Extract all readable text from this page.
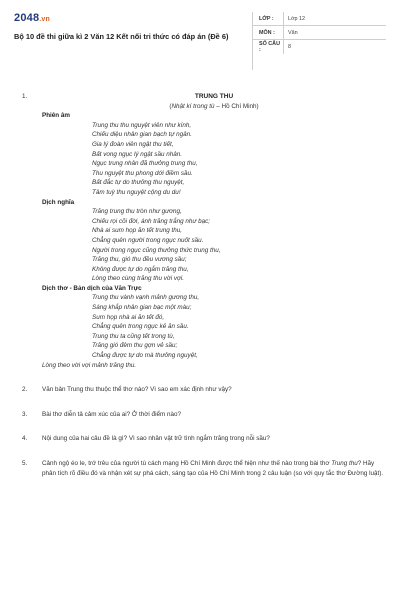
2048.vn
Bộ 10 đề thi giữa kì 2 Văn 12 Kết nối tri thức có đáp án (Đề 6)
LỚP :	Lớp 12
MÔN :	Văn
SỐ CÂU :	8
1.	TRUNG THU
(Nhật kí trong tù – Hồ Chí Minh)
Phiên âm
Trung thu thu nguyệt viên như kính,
Chiếu diệu nhân gian bạch tự ngân.
Gia lý đoàn viên ngật thu tiết,
Bất vong ngục lý ngật sầu nhân.
Ngục trung nhân đã thưởng trung thu,
Thu nguyệt thu phong dới điềm sầu.
Bất đắc tự do thưởng thu nguyệt,
Tâm tuỳ thu nguyệt cộng du du!
Dịch nghĩa
Trăng trung thu tròn như gương,
Chiếu rọi cõi đời, ánh trăng trắng như bạc;
Nhà ai sum họp ăn tết trung thu,
Chẳng quên người trong ngục nuốt sầu.
Người trong ngục cũng thưởng thức trung thu,
Trăng thu, gió thu đều vương sầu;
Không được tự do ngắm trăng thu,
Lòng theo cùng trăng thu vời vợi.
Dịch thơ - Bản dịch của Văn Trực
Trung thu vành vạnh mảnh gương thu,
Sáng khắp nhân gian bạc một màu;
Sum họp nhà ai ăn tết đó,
Chẳng quên trong ngục kẻ ăn sầu.
Trung thu ta cũng tết trong tù,
Trăng gió đêm thu gợn vẻ sầu;
Chẳng được tự do mà thưởng nguyệt,
Lòng theo vời vợi mảnh trăng thu.
2.	Văn bản Trung thu thuộc thể thơ nào? Vì sao em xác định như vậy?
3.	Bài thơ diễn tả cảm xúc của ai? Ở thời điểm nào?
4.	Nội dung của hai câu đề là gì? Vì sao nhân vật trữ tình ngắm trăng trong nỗi sầu?
5.	Cảnh ngộ éo le, trớ trêu của người tù cách mạng Hồ Chí Minh được thể hiện như thế nào trong bài thơ Trung thu? Hãy phân tích rõ điều đó và nhận xét sự phá cách, sáng tạo của Hồ Chí Minh trong 2 câu luận (so với quy tắc thơ Đường luật).
